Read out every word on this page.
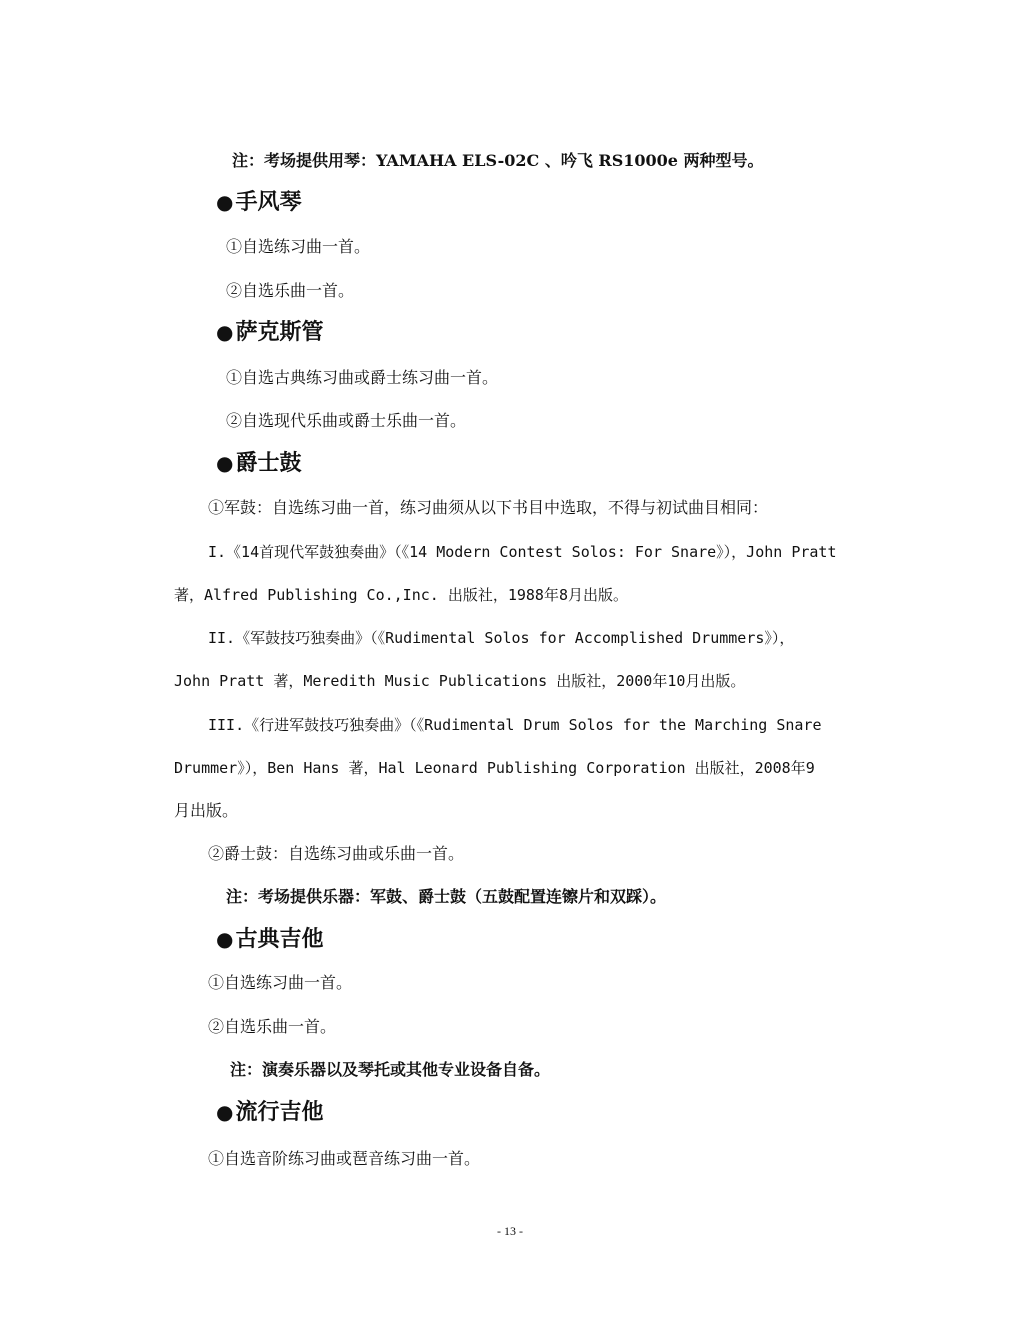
注：考场提供用琴：YAMAHA ELS-02C 、吟飞 RS1000e 两种型号。
●手风琴
①自选练习曲一首。
②自选乐曲一首。
●萨克斯管
①自选古典练习曲或爵士练习曲一首。
②自选现代乐曲或爵士乐曲一首。
●爵士鼓
①军鼓：自选练习曲一首，练习曲须从以下书目中选取，不得与初试曲目相同：
I.《14首现代军鼓独奏曲》（《14 Modern Contest Solos: For Snare》），John Pratt
著，Alfred Publishing Co.,Inc. 出版社，1988年8月出版。
II.《军鼓技巧独奏曲》（《Rudimental Solos for Accomplished Drummers》），
John Pratt 著，Meredith Music Publications 出版社，2000年10月出版。
III.《行进军鼓技巧独奏曲》（《Rudimental Drum Solos for the Marching Snare
Drummer》），Ben Hans 著，Hal Leonard Publishing Corporation 出版社，2008年9
月出版。
②爵士鼓：自选练习曲或乐曲一首。
注：考场提供乐器：军鼓、爵士鼓（五鼓配置连镲片和双踩）。
●古典吉他
①自选练习曲一首。
②自选乐曲一首。
注：演奏乐器以及琴托或其他专业设备自备。
●流行吉他
①自选音阶练习曲或琶音练习曲一首。
- 13 -
